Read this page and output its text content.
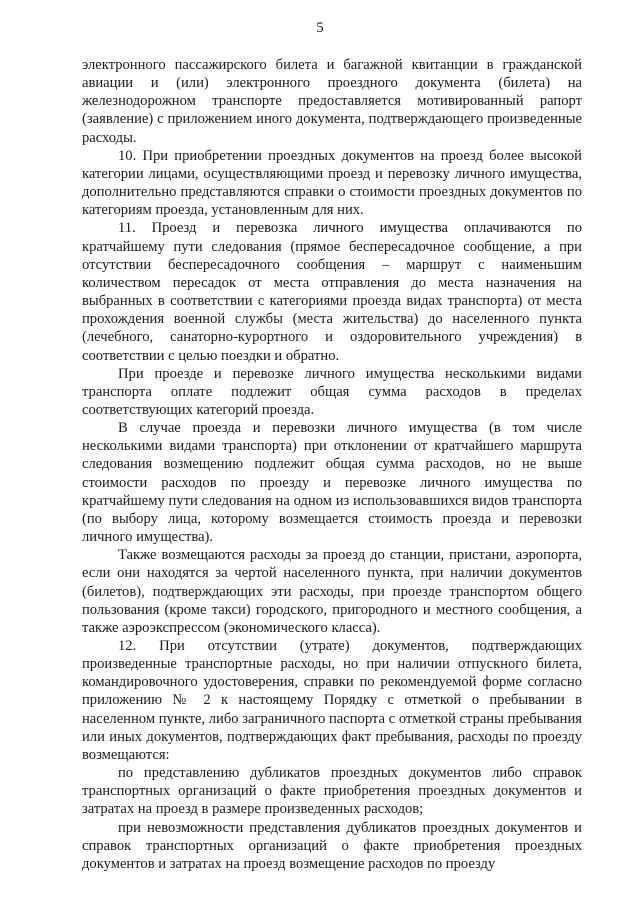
5

электронного пассажирского билета и багажной квитанции в гражданской авиации и (или) электронного проездного документа (билета) на железнодорожном транспорте предоставляется мотивированный рапорт (заявление) с приложением иного документа, подтверждающего произведенные расходы.

10. При приобретении проездных документов на проезд более высокой категории лицами, осуществляющими проезд и перевозку личного имущества, дополнительно представляются справки о стоимости проездных документов по категориям проезда, установленным для них.

11. Проезд и перевозка личного имущества оплачиваются по кратчайшему пути следования (прямое беспересадочное сообщение, а при отсутствии беспересадочного сообщения – маршрут с наименьшим количеством пересадок от места отправления до места назначения на выбранных в соответствии с категориями проезда видах транспорта) от места прохождения военной службы (места жительства) до населенного пункта (лечебного, санаторно-курортного и оздоровительного учреждения) в соответствии с целью поездки и обратно.

При проезде и перевозке личного имущества несколькими видами транспорта оплате подлежит общая сумма расходов в пределах соответствующих категорий проезда.

В случае проезда и перевозки личного имущества (в том числе несколькими видами транспорта) при отклонении от кратчайшего маршрута следования возмещению подлежит общая сумма расходов, но не выше стоимости расходов по проезду и перевозке личного имущества по кратчайшему пути следования на одном из использовавшихся видов транспорта (по выбору лица, которому возмещается стоимость проезда и перевозки личного имущества).

Также возмещаются расходы за проезд до станции, пристани, аэропорта, если они находятся за чертой населенного пункта, при наличии документов (билетов), подтверждающих эти расходы, при проезде транспортом общего пользования (кроме такси) городского, пригородного и местного сообщения, а также аэроэкспрессом (экономического класса).

12. При отсутствии (утрате) документов, подтверждающих произведенные транспортные расходы, но при наличии отпускного билета, командировочного удостоверения, справки по рекомендуемой форме согласно приложению № 2 к настоящему Порядку с отметкой о пребывании в населенном пункте, либо заграничного паспорта с отметкой страны пребывания или иных документов, подтверждающих факт пребывания, расходы по проезду возмещаются:

по представлению дубликатов проездных документов либо справок транспортных организаций о факте приобретения проездных документов и затратах на проезд в размере произведенных расходов;

при невозможности представления дубликатов проездных документов и справок транспортных организаций о факте приобретения проездных документов и затратах на проезд возмещение расходов по проезду
